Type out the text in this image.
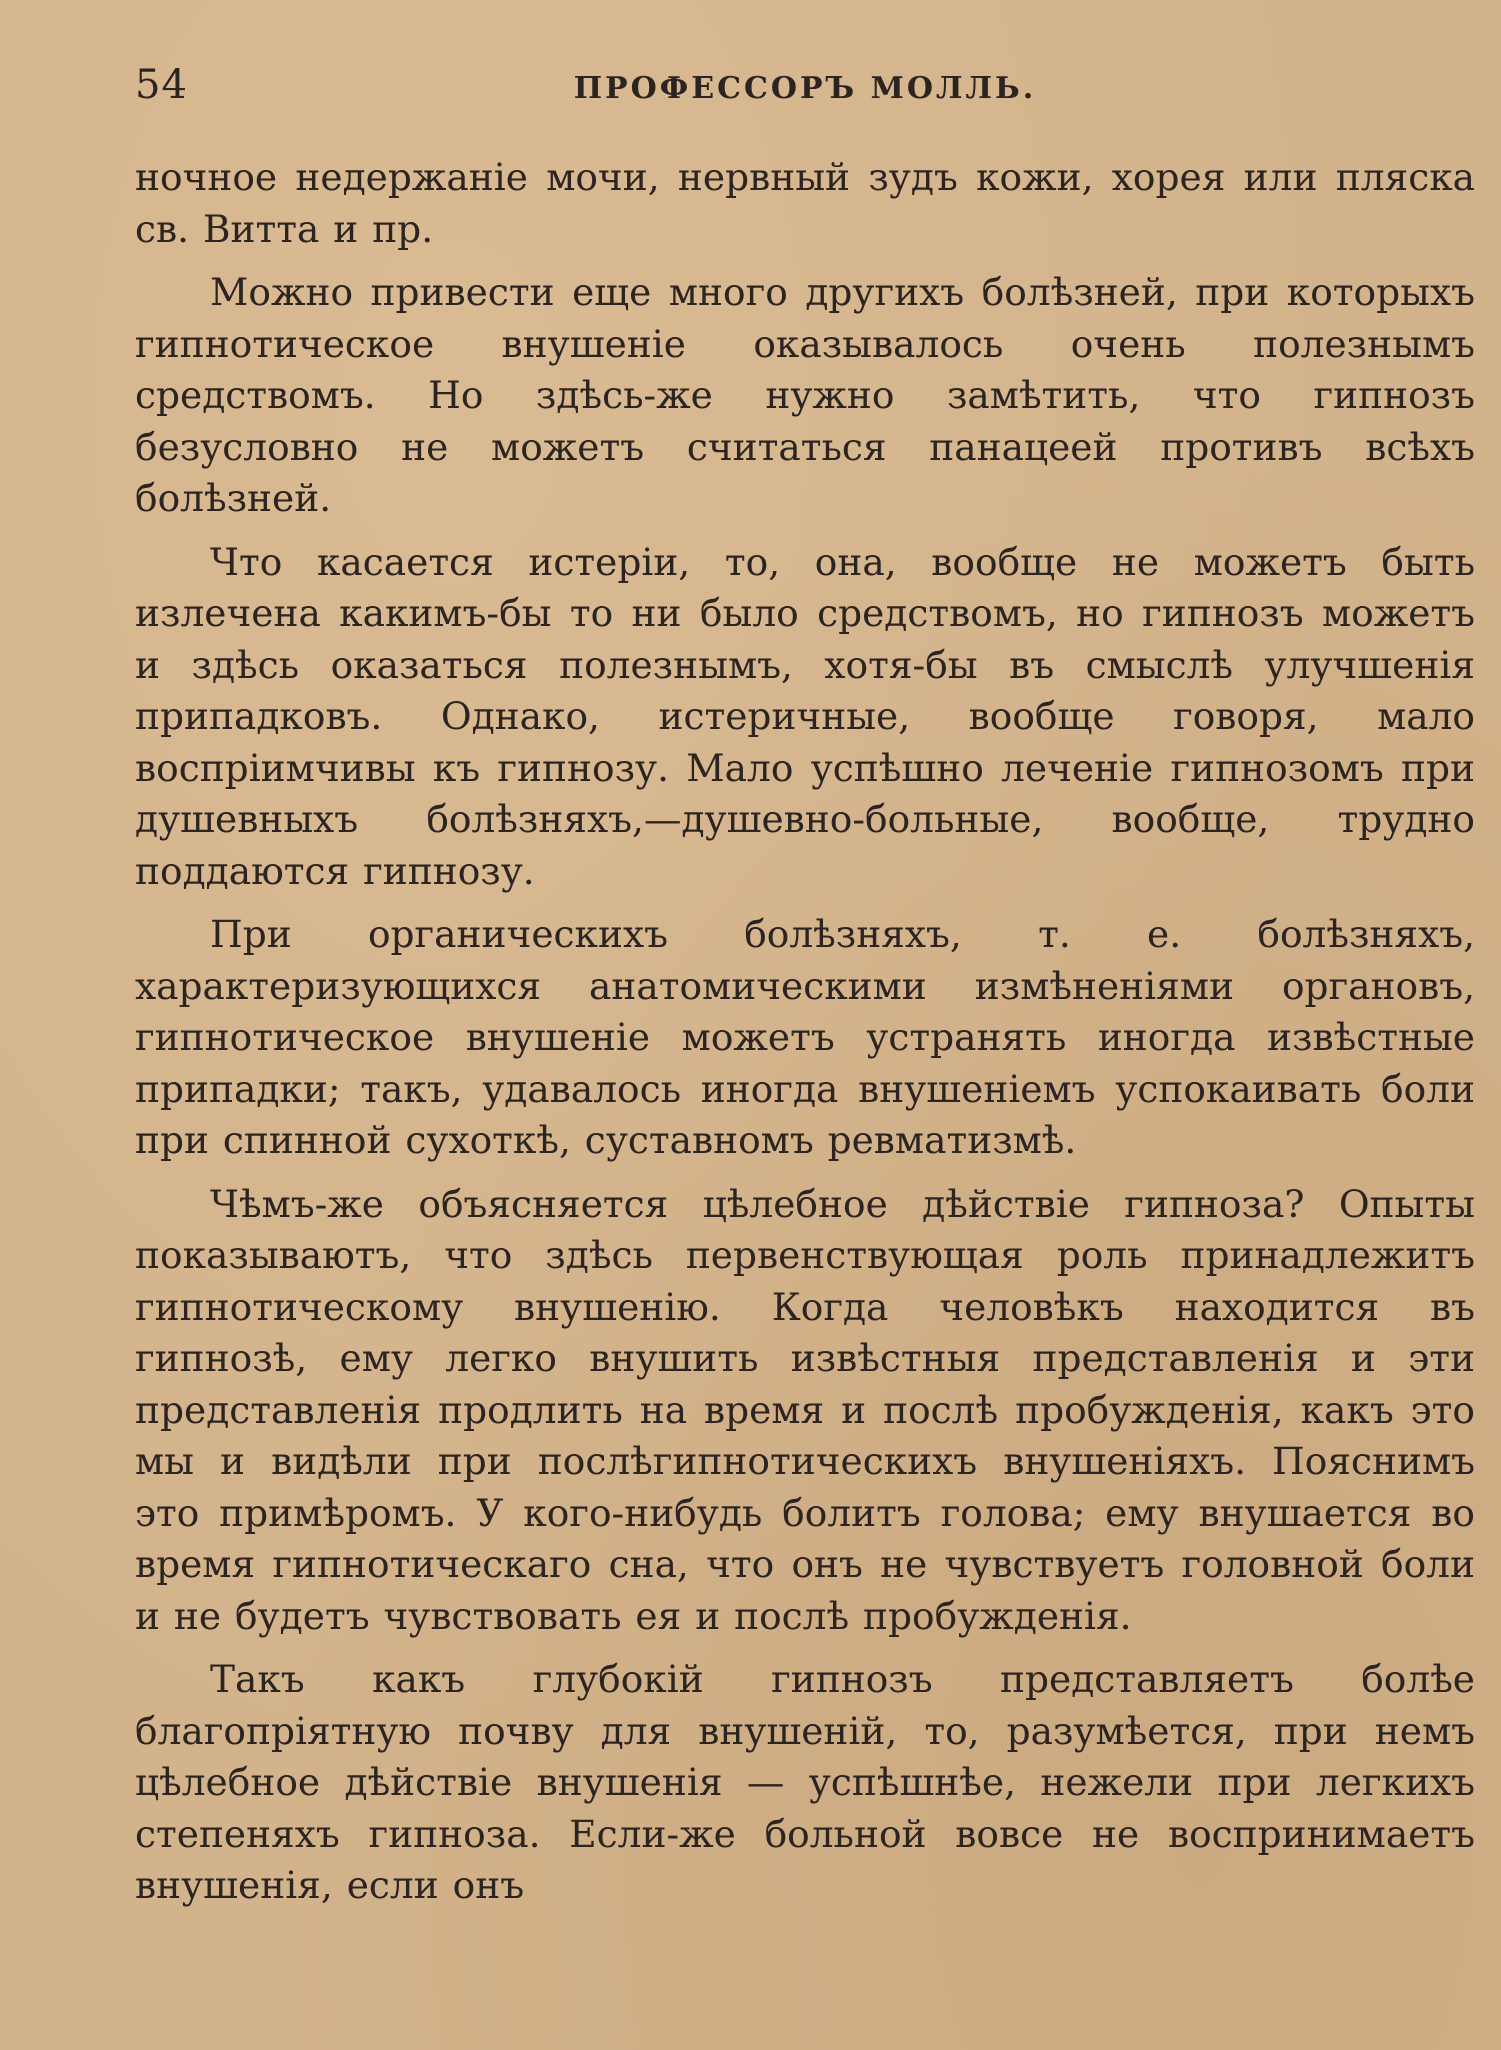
54	ПРОФЕССОРЪ МОЛЛЬ.

ночное недержаніе мочи, нервный зудъ кожи, хорея или пляска св. Витта и пр.

Можно привести еще много другихъ болѣзней, при которыхъ гипнотическое внушеніе оказывалось очень полезнымъ средствомъ. Но здѣсь-же нужно замѣтить, что гипнозъ безусловно не можетъ считаться панацеей противъ всѣхъ болѣзней.

Что касается истеріи, то, она, вообще не можетъ быть излечена какимъ-бы то ни было средствомъ, но гипнозъ можетъ и здѣсь оказаться полезнымъ, хотя-бы въ смыслѣ улучшенія припадковъ. Однако, истеричные, вообще говоря, мало воспріимчивы къ гипнозу. Мало успѣшно леченіе гипнозомъ при душевныхъ болѣзняхъ,—душевно-больные, вообще, трудно поддаются гипнозу.

При органическихъ болѣзняхъ, т. е. болѣзняхъ, характеризующихся анатомическими измѣненіями органовъ, гипнотическое внушеніе можетъ устранять иногда извѣстные припадки; такъ, удавалось иногда внушеніемъ успокаивать боли при спинной сухоткѣ, суставномъ ревматизмѣ.

Чѣмъ-же объясняется цѣлебное дѣйствіе гипноза? Опыты показываютъ, что здѣсь первенствующая роль принадлежитъ гипнотическому внушенію. Когда человѣкъ находится въ гипнозѣ, ему легко внушить извѣстныя представленія и эти представленія продлить на время и послѣ пробужденія, какъ это мы и видѣли при послѣгипнотическихъ внушеніяхъ. Пояснимъ это примѣромъ. У кого-нибудь болитъ голова; ему внушается во время гипнотическаго сна, что онъ не чувствуетъ головной боли и не будетъ чувствовать ея и послѣ пробужденія.

Такъ какъ глубокій гипнозъ представляетъ болѣе благопріятную почву для внушеній, то, разумѣется, при немъ цѣлебное дѣйствіе внушенія — успѣшнѣе, нежели при легкихъ степеняхъ гипноза. Если-же больной вовсе не воспринимаетъ внушенія, если онъ
